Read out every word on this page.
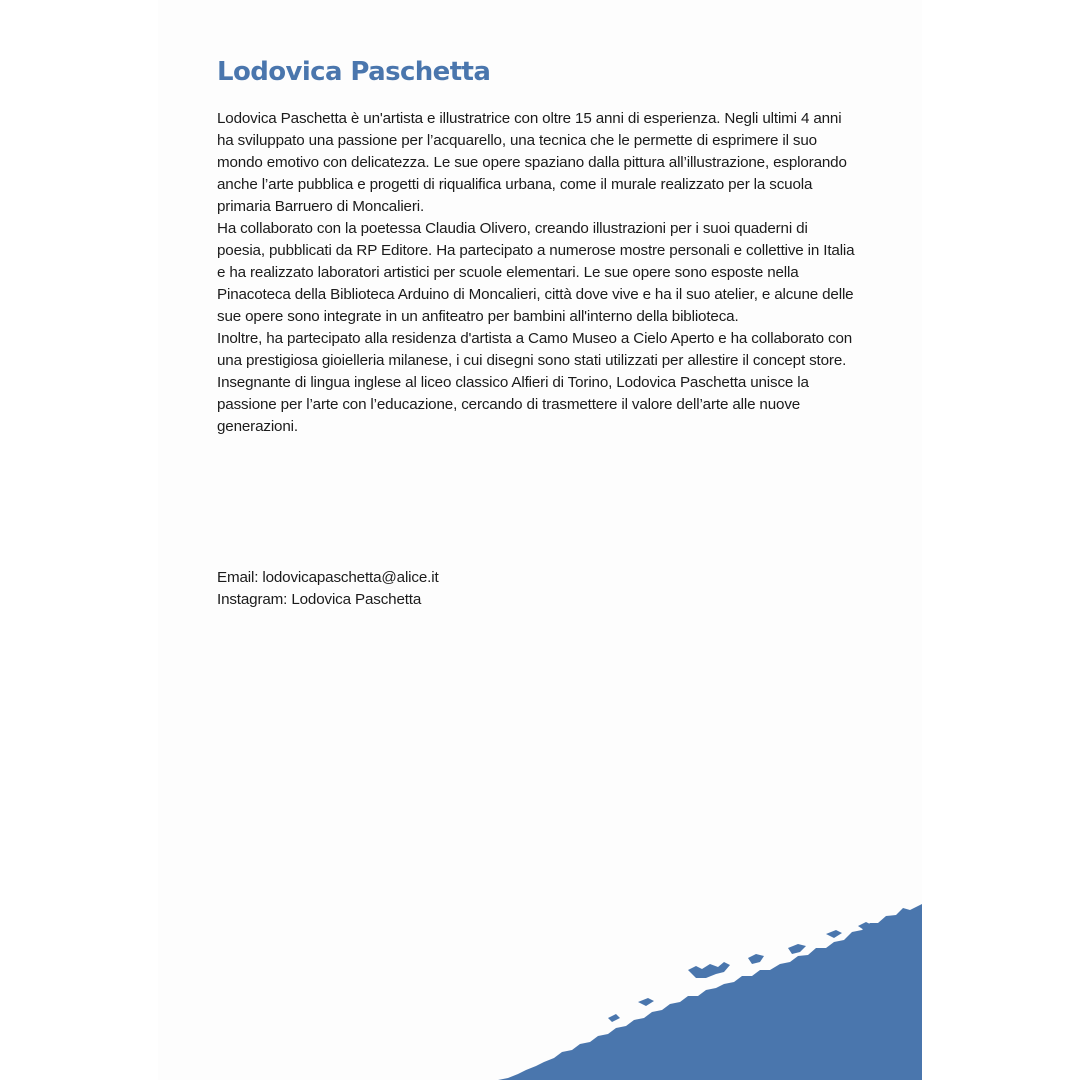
Lodovica Paschetta

Lodovica Paschetta è un'artista e illustratrice con oltre 15 anni di esperienza. Negli ultimi 4 anni ha sviluppato una passione per l’acquarello, una tecnica che le permette di esprimere il suo mondo emotivo con delicatezza. Le sue opere spaziano dalla pittura all’illustrazione, esplorando anche l’arte pubblica e progetti di riqualifica urbana, come il murale realizzato per la scuola primaria Barruero di Moncalieri.

Ha collaborato con la poetessa Claudia Olivero, creando illustrazioni per i suoi quaderni di poesia, pubblicati da RP Editore. Ha partecipato a numerose mostre personali e collettive in Italia e ha realizzato laboratori artistici per scuole elementari. Le sue opere sono esposte nella Pinacoteca della Biblioteca Arduino di Moncalieri, città dove vive e ha il suo atelier, e alcune delle sue opere sono integrate in un anfiteatro per bambini all'interno della biblioteca.

Inoltre, ha partecipato alla residenza d'artista a Camo Museo a Cielo Aperto e ha collaborato con una prestigiosa gioielleria milanese, i cui disegni sono stati utilizzati per allestire il concept store. Insegnante di lingua inglese al liceo classico Alfieri di Torino, Lodovica Paschetta unisce la passione per l’arte con l’educazione, cercando di trasmettere il valore dell’arte alle nuove generazioni.

Email: lodovicapaschetta@alice.it
Instagram: Lodovica Paschetta
